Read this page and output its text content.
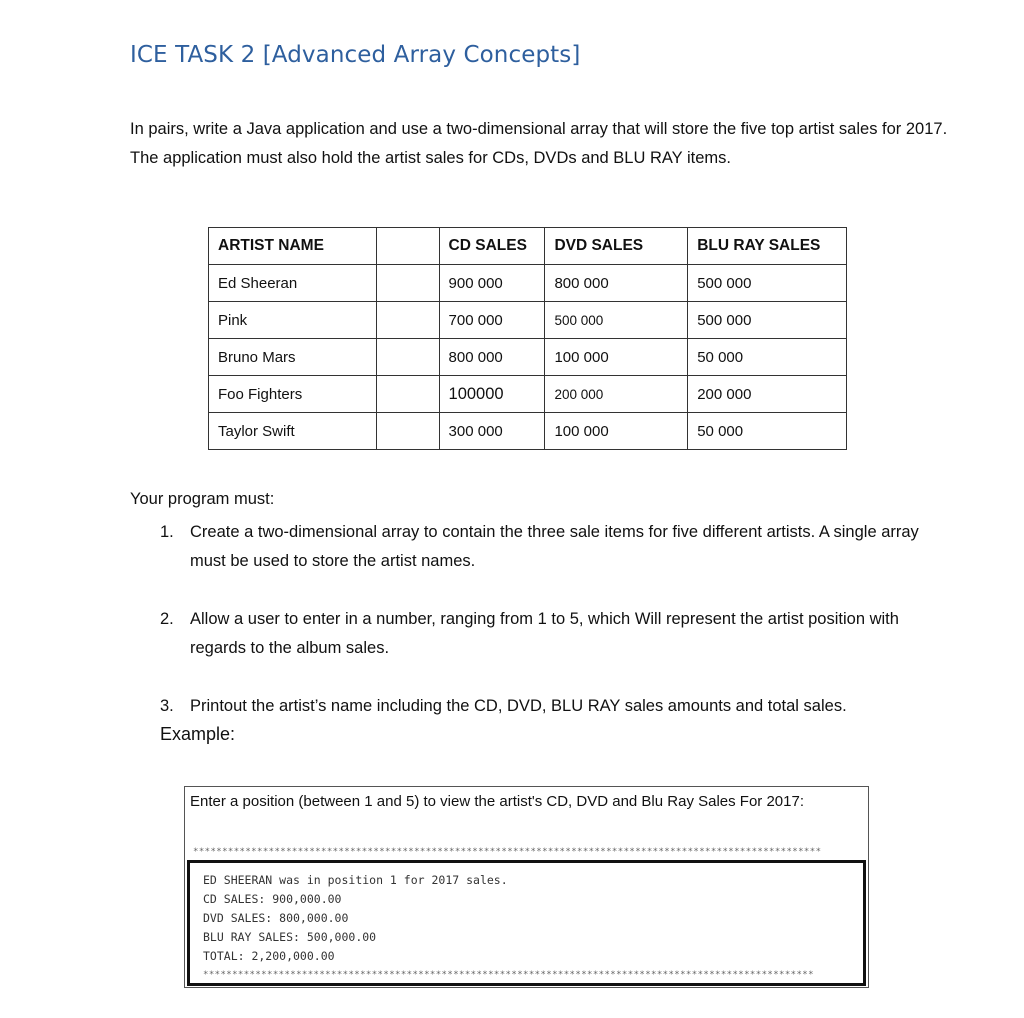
ICE TASK 2 [Advanced Array Concepts]

In pairs, write a Java application and use a two-dimensional array that will store the five top artist sales for 2017. The application must also hold the artist sales for CDs, DVDs and BLU RAY items.

ARTIST NAME		CD SALES	DVD SALES	BLU RAY SALES
Ed Sheeran		900 000	800 000	500 000
Pink		700 000	500 000	500 000
Bruno Mars		800 000	100 000	50 000
Foo Fighters		100000	200 000	200 000
Taylor Swift		300 000	100 000	50 000

Your program must:

1. Create a two-dimensional array to contain the three sale items for five different artists. A single array must be used to store the artist names.
2. Allow a user to enter in a number, ranging from 1 to 5, which Will represent the artist position with regards to the album sales.
3. Printout the artist’s name including the CD, DVD, BLU RAY sales amounts and total sales.

Example:

Enter a position (between 1 and 5) to view the artist's CD, DVD and Blu Ray Sales For 2017:

************************************************************************************************************

ED SHEERAN was in position 1 for 2017 sales.

CD SALES: 900,000.00

DVD SALES: 800,000.00

BLU RAY SALES: 500,000.00

TOTAL: 2,200,000.00

*********************************************************************************************************
